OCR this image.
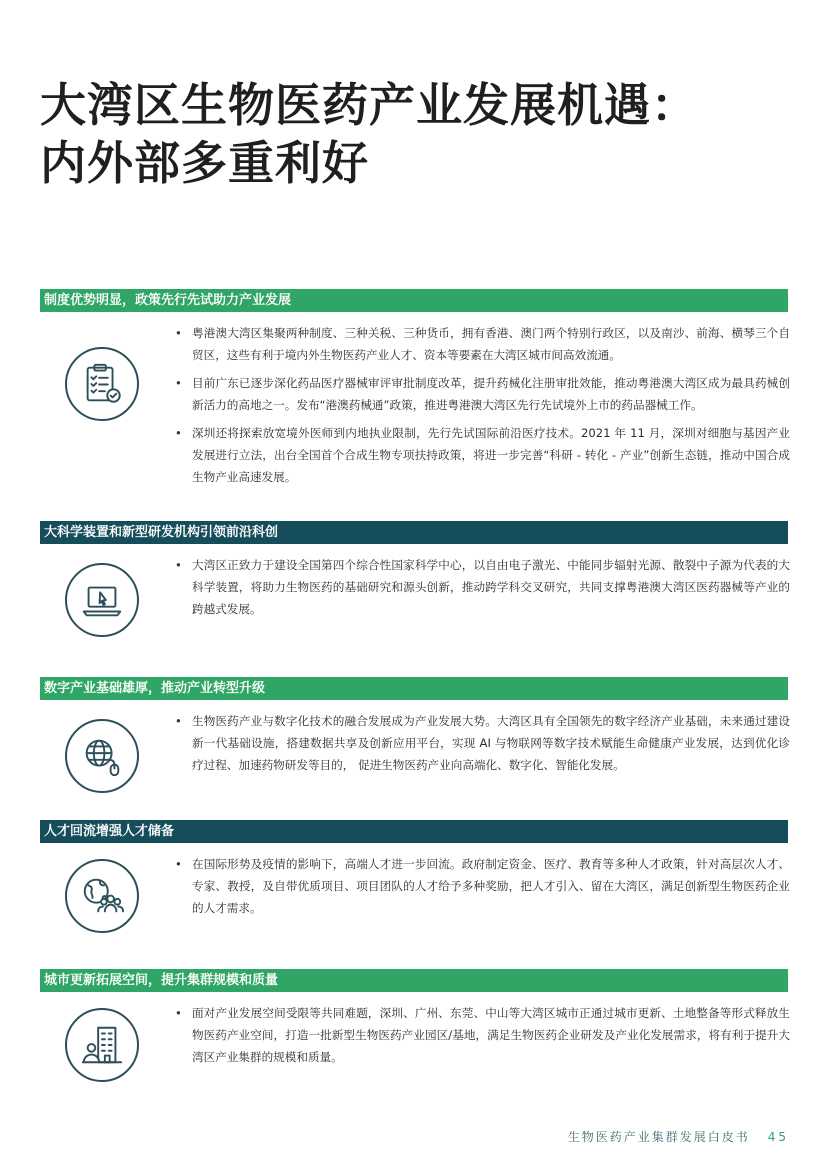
大湾区生物医药产业发展机遇：
内外部多重利好
制度优势明显，政策先行先试助力产业发展
• 粤港澳大湾区集聚两种制度、三种关税、三种货币，拥有香港、澳门两个特别行政区，以及南沙、前海、横琴三个自贸区，这些有利于境内外生物医药产业人才、资本等要素在大湾区城市间高效流通。
• 目前广东已逐步深化药品医疗器械审评审批制度改革，提升药械化注册审批效能，推动粤港澳大湾区成为最具药械创新活力的高地之一。发布“港澳药械通”政策，推进粤港澳大湾区先行先试境外上市的药品器械工作。
• 深圳还将探索放宽境外医师到内地执业限制，先行先试国际前沿医疗技术。2021 年 11 月，深圳对细胞与基因产业发展进行立法，出台全国首个合成生物专项扶持政策，将进一步完善“科研 - 转化 - 产业”创新生态链，推动中国合成生物产业高速发展。
大科学装置和新型研发机构引领前沿科创
• 大湾区正致力于建设全国第四个综合性国家科学中心，以自由电子激光、中能同步辐射光源、散裂中子源为代表的大科学装置，将助力生物医药的基础研究和源头创新，推动跨学科交叉研究，共同支撑粤港澳大湾区医药器械等产业的跨越式发展。
数字产业基础雄厚，推动产业转型升级
• 生物医药产业与数字化技术的融合发展成为产业发展大势。大湾区具有全国领先的数字经济产业基础，未来通过建设新一代基础设施，搭建数据共享及创新应用平台，实现 AI 与物联网等数字技术赋能生命健康产业发展，达到优化诊疗过程、加速药物研发等目的， 促进生物医药产业向高端化、数字化、智能化发展。
人才回流增强人才储备
• 在国际形势及疫情的影响下，高端人才进一步回流。政府制定资金、医疗、教育等多种人才政策，针对高层次人才、专家、教授，及自带优质项目、项目团队的人才给予多种奖励，把人才引入、留在大湾区，满足创新型生物医药企业的人才需求。
城市更新拓展空间，提升集群规模和质量
• 面对产业发展空间受限等共同难题，深圳、广州、东莞、中山等大湾区城市正通过城市更新、土地整备等形式释放生物医药产业空间，打造一批新型生物医药产业园区/基地，满足生物医药企业研发及产业化发展需求，将有利于提升大湾区产业集群的规模和质量。
生物医药产业集群发展白皮书 45
